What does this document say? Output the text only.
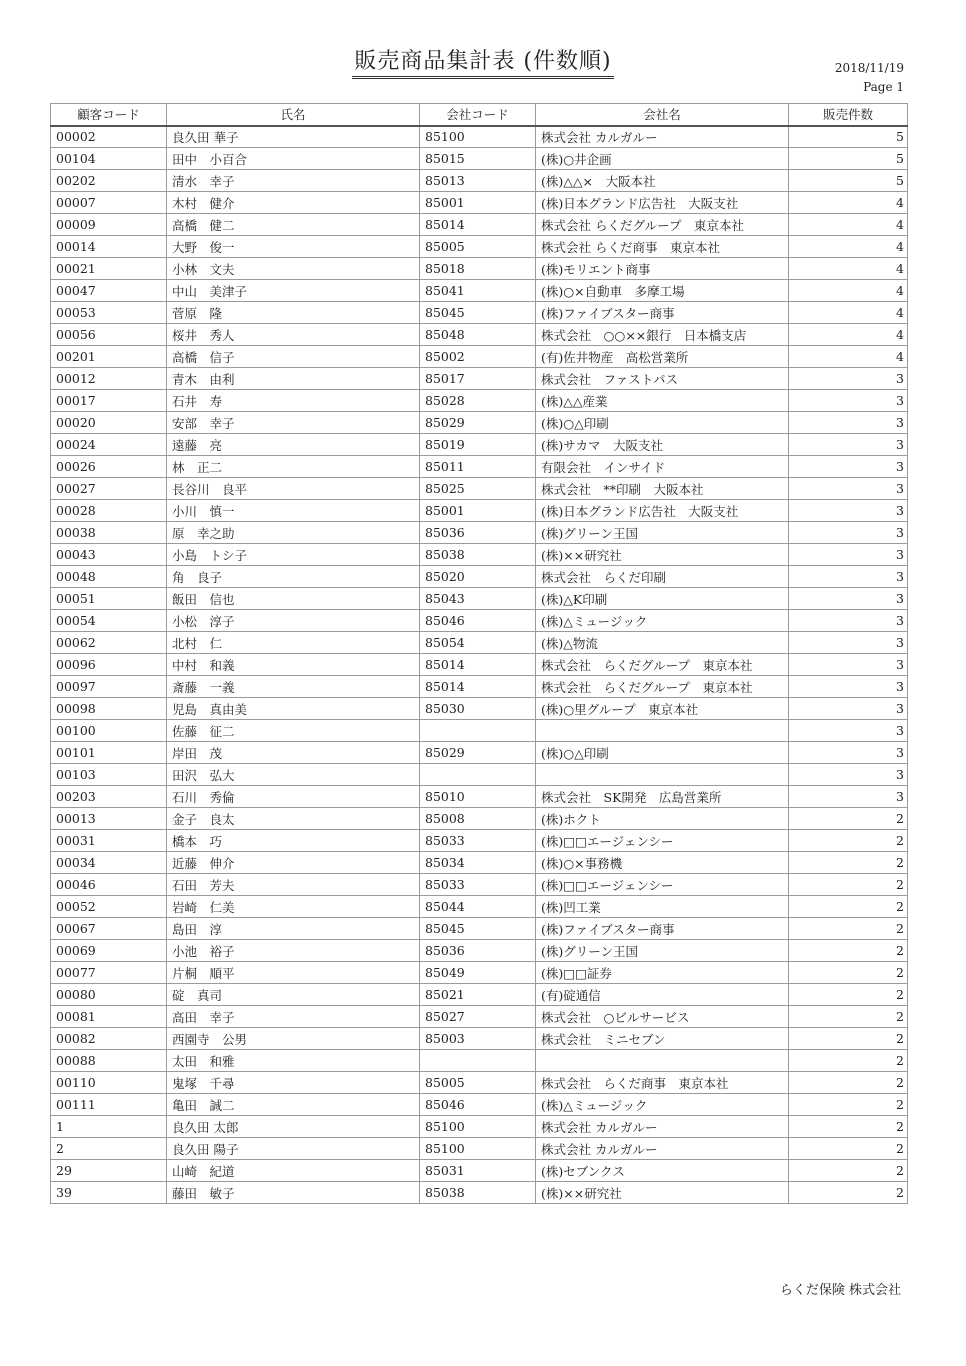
販売商品集計表 (件数順)	2018/11/19
Page 1
顧客コード	氏名	会社コード	会社名	販売件数
00002	良久田 華子	85100	株式会社 カルガルー	5
00104	田中　小百合	85015	(株)○井企画	5
00202	清水　幸子	85013	(株)△△×　大阪本社	5
00007	木村　健介	85001	(株)日本グランド広告社　大阪支社	4
00009	高橋　健二	85014	株式会社 らくだグループ　東京本社	4
00014	大野　俊一	85005	株式会社 らくだ商事　東京本社	4
00021	小林　文夫	85018	(株)モリエント商事	4
00047	中山　美津子	85041	(株)○×自動車　多摩工場	4
00053	菅原　隆	85045	(株)ファイブスター商事	4
00056	桜井　秀人	85048	株式会社　○○××銀行　日本橋支店	4
00201	高橋　信子	85002	(有)佐井物産　高松営業所	4
00012	青木　由利	85017	株式会社　ファストパス	3
00017	石井　寿	85028	(株)△△産業	3
00020	安部　幸子	85029	(株)○△印刷	3
00024	遠藤　亮	85019	(株)サカマ　大阪支社	3
00026	林　正二	85011	有限会社　インサイド	3
00027	長谷川　良平	85025	株式会社　**印刷　大阪本社	3
00028	小川　慎一	85001	(株)日本グランド広告社　大阪支社	3
00038	原　幸之助	85036	(株)グリーン王国	3
00043	小島　トシ子	85038	(株)××研究社	3
00048	角　良子	85020	株式会社　らくだ印刷	3
00051	飯田　信也	85043	(株)△K印刷	3
00054	小松　淳子	85046	(株)△ミュージック	3
00062	北村　仁	85054	(株)△物流	3
00096	中村　和義	85014	株式会社　らくだグループ　東京本社	3
00097	斎藤　一義	85014	株式会社　らくだグループ　東京本社	3
00098	児島　真由美	85030	(株)○里グループ　東京本社	3
00100	佐藤　征二			3
00101	岸田　茂	85029	(株)○△印刷	3
00103	田沢　弘大			3
00203	石川　秀倫	85010	株式会社　SK開発　広島営業所	3
00013	金子　良太	85008	(株)ホクト	2
00031	橋本　巧	85033	(株)□□エージェンシー	2
00034	近藤　伸介	85034	(株)○×事務機	2
00046	石田　芳夫	85033	(株)□□エージェンシー	2
00052	岩崎　仁美	85044	(株)凹工業	2
00067	島田　淳	85045	(株)ファイブスター商事	2
00069	小池　裕子	85036	(株)グリーン王国	2
00077	片桐　順平	85049	(株)□□証券	2
00080	碇　真司	85021	(有)碇通信	2
00081	高田　幸子	85027	株式会社　○ビルサービス	2
00082	西園寺　公男	85003	株式会社　ミニセブン	2
00088	太田　和雅			2
00110	鬼塚　千尋	85005	株式会社　らくだ商事　東京本社	2
00111	亀田　誠二	85046	(株)△ミュージック	2
1	良久田 太郎	85100	株式会社 カルガルー	2
2	良久田 陽子	85100	株式会社 カルガルー	2
29	山崎　紀道	85031	(株)セブンクス	2
39	藤田　敏子	85038	(株)××研究社	2
らくだ保険 株式会社
